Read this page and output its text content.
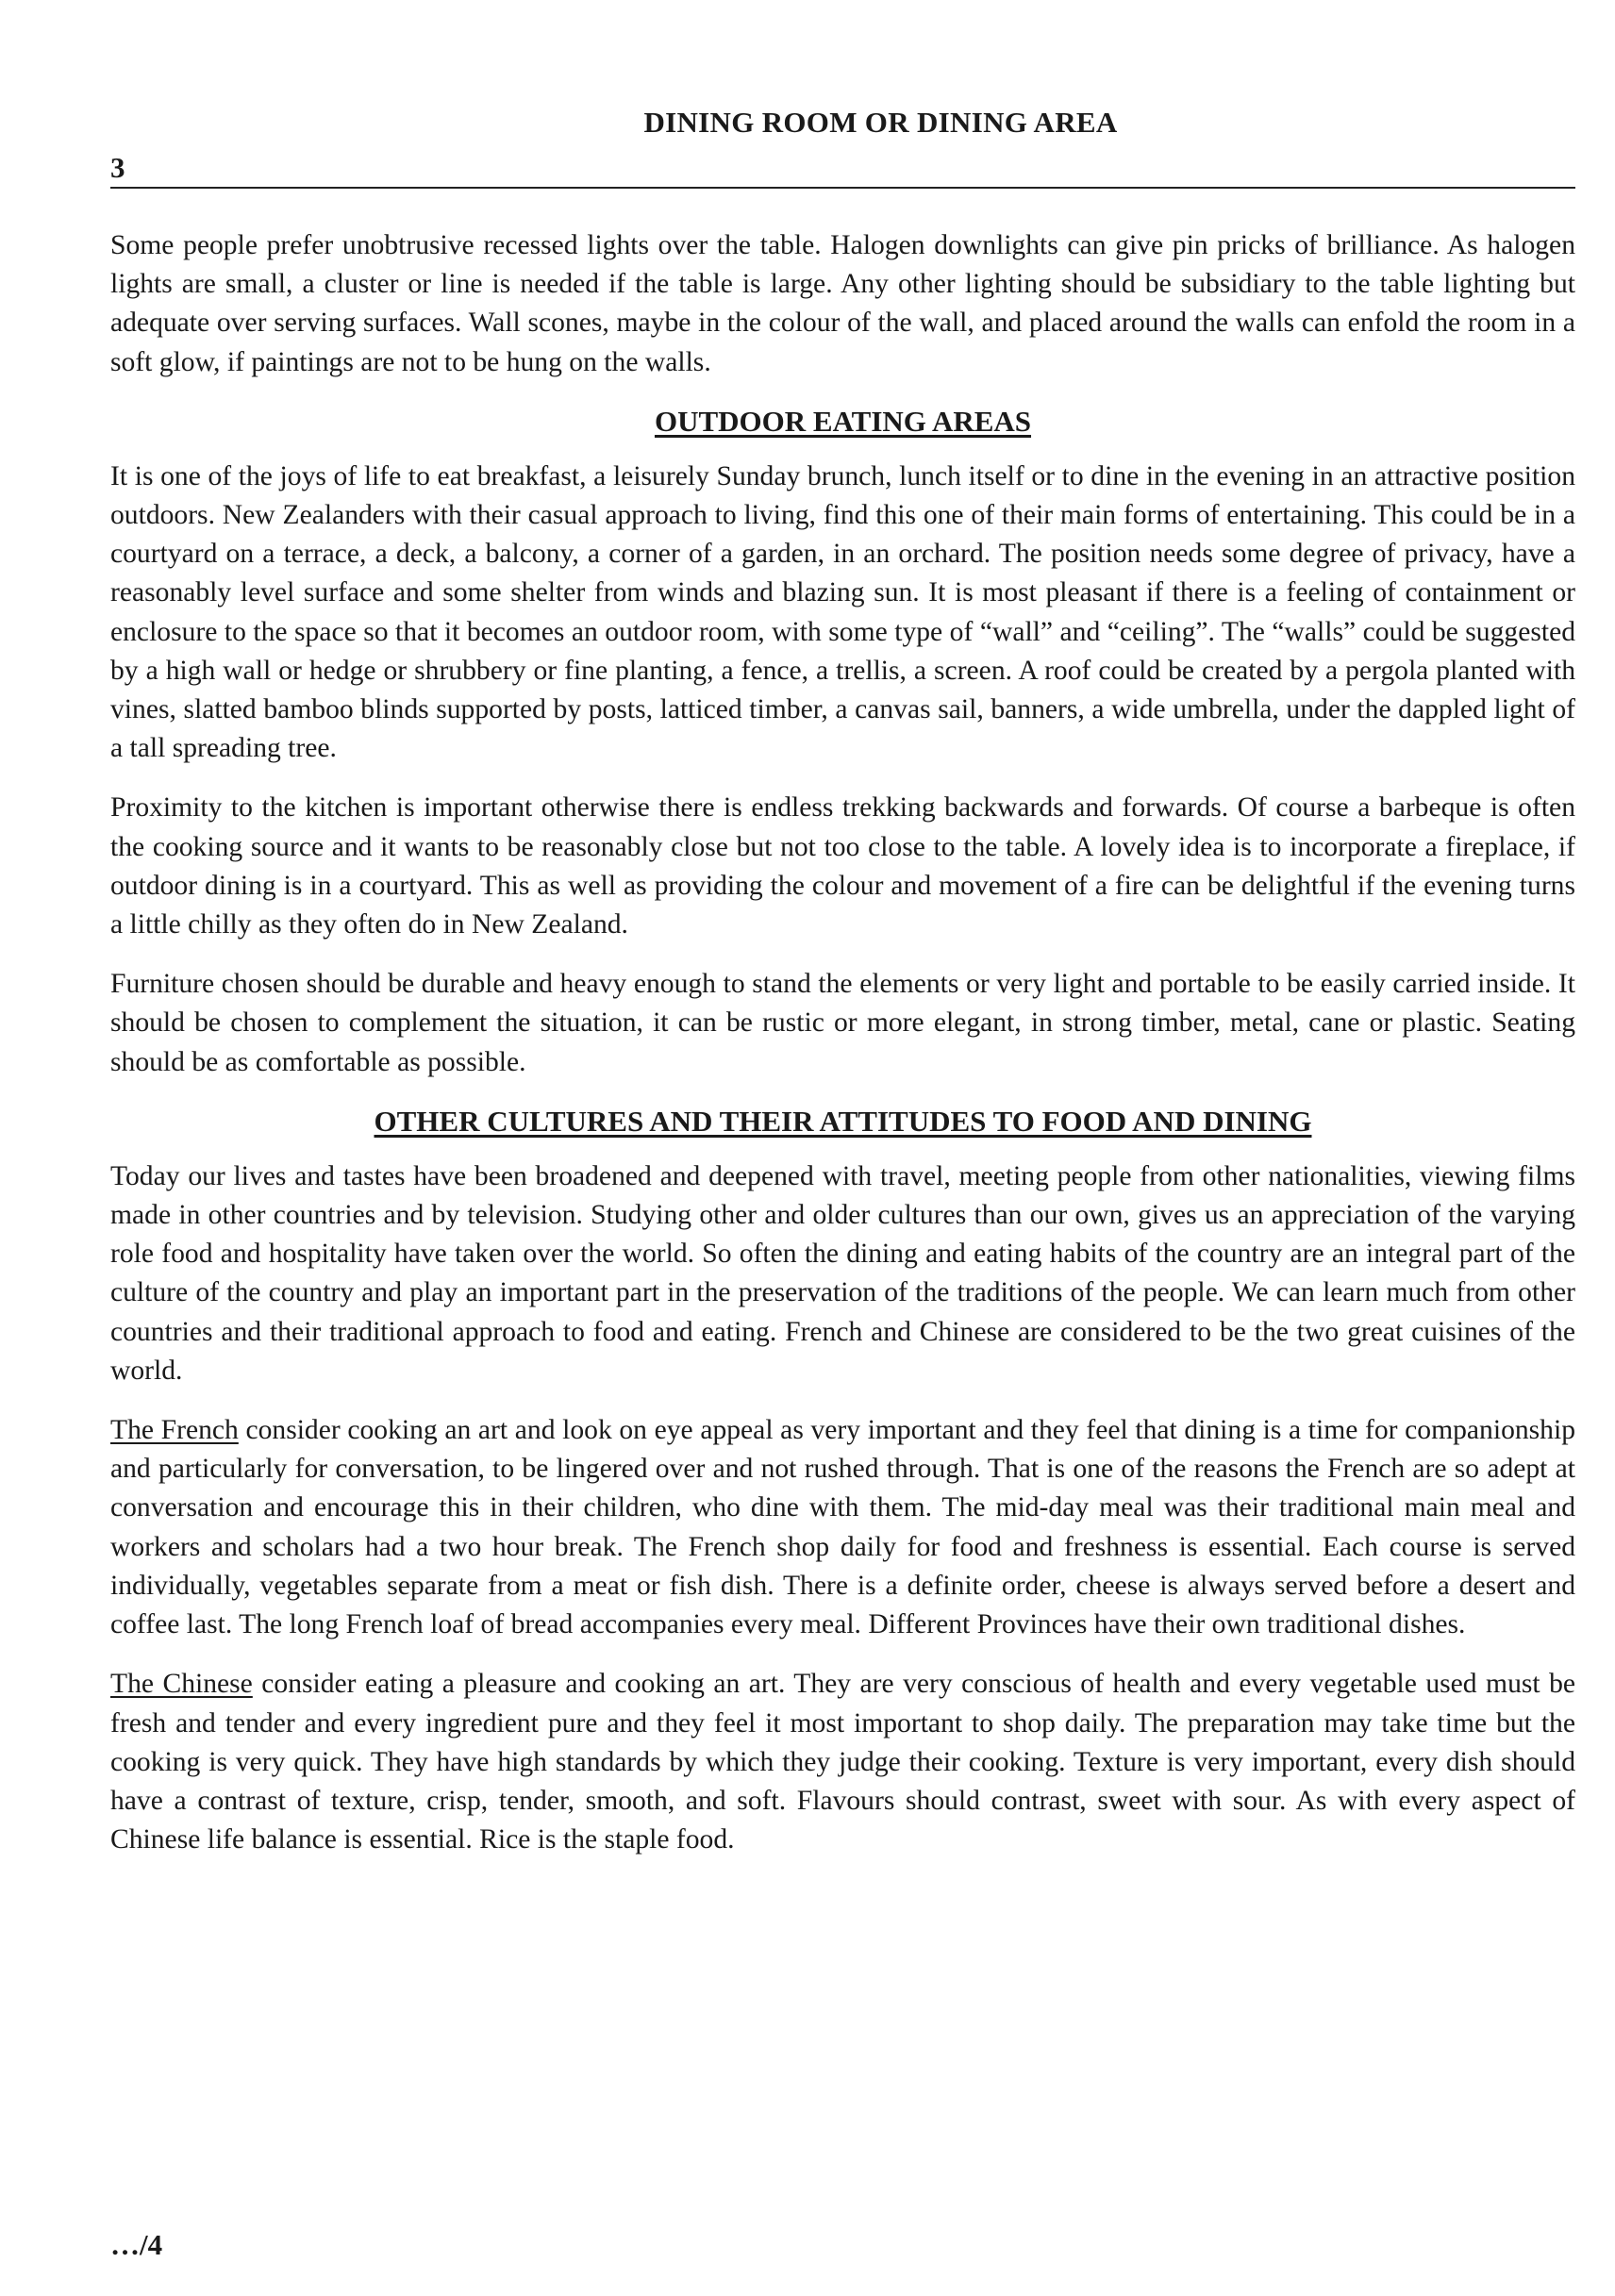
DINING ROOM OR DINING AREA
3

Some people prefer unobtrusive recessed lights over the table. Halogen downlights can give pin pricks of brilliance. As halogen lights are small, a cluster or line is needed if the table is large. Any other lighting should be subsidiary to the table lighting but adequate over serving surfaces. Wall scones, maybe in the colour of the wall, and placed around the walls can enfold the room in a soft glow, if paintings are not to be hung on the walls.

OUTDOOR EATING AREAS

It is one of the joys of life to eat breakfast, a leisurely Sunday brunch, lunch itself or to dine in the evening in an attractive position outdoors. New Zealanders with their casual approach to living, find this one of their main forms of entertaining. This could be in a courtyard on a terrace, a deck, a balcony, a corner of a garden, in an orchard. The position needs some degree of privacy, have a reasonably level surface and some shelter from winds and blazing sun. It is most pleasant if there is a feeling of containment or enclosure to the space so that it becomes an outdoor room, with some type of “wall” and “ceiling”. The “walls” could be suggested by a high wall or hedge or shrubbery or fine planting, a fence, a trellis, a screen. A roof could be created by a pergola planted with vines, slatted bamboo blinds supported by posts, latticed timber, a canvas sail, banners, a wide umbrella, under the dappled light of a tall spreading tree.

Proximity to the kitchen is important otherwise there is endless trekking backwards and forwards. Of course a barbeque is often the cooking source and it wants to be reasonably close but not too close to the table. A lovely idea is to incorporate a fireplace, if outdoor dining is in a courtyard. This as well as providing the colour and movement of a fire can be delightful if the evening turns a little chilly as they often do in New Zealand.

Furniture chosen should be durable and heavy enough to stand the elements or very light and portable to be easily carried inside. It should be chosen to complement the situation, it can be rustic or more elegant, in strong timber, metal, cane or plastic. Seating should be as comfortable as possible.

OTHER CULTURES AND THEIR ATTITUDES TO FOOD AND DINING

Today our lives and tastes have been broadened and deepened with travel, meeting people from other nationalities, viewing films made in other countries and by television. Studying other and older cultures than our own, gives us an appreciation of the varying role food and hospitality have taken over the world. So often the dining and eating habits of the country are an integral part of the culture of the country and play an important part in the preservation of the traditions of the people. We can learn much from other countries and their traditional approach to food and eating. French and Chinese are considered to be the two great cuisines of the world.

The French consider cooking an art and look on eye appeal as very important and they feel that dining is a time for companionship and particularly for conversation, to be lingered over and not rushed through. That is one of the reasons the French are so adept at conversation and encourage this in their children, who dine with them. The mid-day meal was their traditional main meal and workers and scholars had a two hour break. The French shop daily for food and freshness is essential. Each course is served individually, vegetables separate from a meat or fish dish. There is a definite order, cheese is always served before a desert and coffee last. The long French loaf of bread accompanies every meal. Different Provinces have their own traditional dishes.

The Chinese consider eating a pleasure and cooking an art. They are very conscious of health and every vegetable used must be fresh and tender and every ingredient pure and they feel it most important to shop daily. The preparation may take time but the cooking is very quick. They have high standards by which they judge their cooking. Texture is very important, every dish should have a contrast of texture, crisp, tender, smooth, and soft. Flavours should contrast, sweet with sour. As with every aspect of Chinese life balance is essential. Rice is the staple food.

…/4
